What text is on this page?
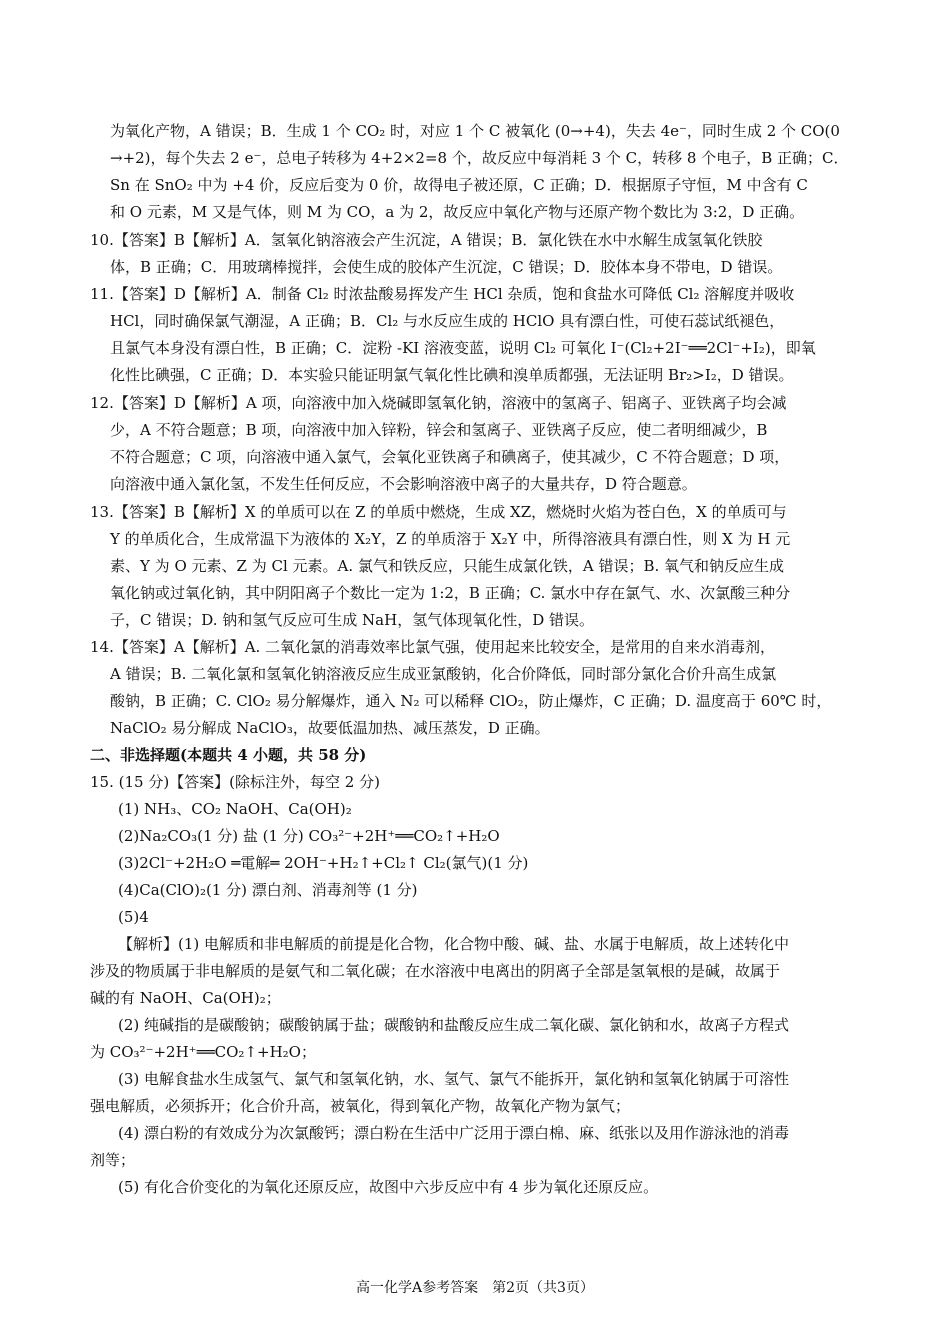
为氧化产物，A 错误；B．生成 1 个 CO₂ 时，对应 1 个 C 被氧化 (0→+4)，失去 4e⁻，同时生成 2 个 CO(0
→+2)，每个失去 2 e⁻，总电子转移为 4+2×2=8 个，故反应中每消耗 3 个 C，转移 8 个电子，B 正确；C．
Sn 在 SnO₂ 中为 +4 价，反应后变为 0 价，故得电子被还原，C 正确；D．根据原子守恒，M 中含有 C
和 O 元素，M 又是气体，则 M 为 CO，a 为 2，故反应中氧化产物与还原产物个数比为 3:2，D 正确。
10.【答案】B【解析】A．氢氧化钠溶液会产生沉淀，A 错误；B．氯化铁在水中水解生成氢氧化铁胶
体，B 正确；C．用玻璃棒搅拌，会使生成的胶体产生沉淀，C 错误；D．胶体本身不带电，D 错误。
11.【答案】D【解析】A．制备 Cl₂ 时浓盐酸易挥发产生 HCl 杂质，饱和食盐水可降低 Cl₂ 溶解度并吸收
HCl，同时确保氯气潮湿，A 正确；B．Cl₂ 与水反应生成的 HClO 具有漂白性，可使石蕊试纸褪色，
且氯气本身没有漂白性，B 正确；C．淀粉 -KI 溶液变蓝，说明 Cl₂ 可氧化 I⁻(Cl₂+2I⁻══2Cl⁻+I₂)，即氧
化性比碘强，C 正确；D．本实验只能证明氯气氧化性比碘和溴单质都强，无法证明 Br₂>I₂，D 错误。
12.【答案】D【解析】A 项，向溶液中加入烧碱即氢氧化钠，溶液中的氢离子、铝离子、亚铁离子均会减
少，A 不符合题意；B 项，向溶液中加入锌粉，锌会和氢离子、亚铁离子反应，使二者明细减少，B
不符合题意；C 项，向溶液中通入氯气，会氧化亚铁离子和碘离子，使其减少，C 不符合题意；D 项，
向溶液中通入氯化氢，不发生任何反应，不会影响溶液中离子的大量共存，D 符合题意。
13.【答案】B【解析】X 的单质可以在 Z 的单质中燃烧，生成 XZ，燃烧时火焰为苍白色，X 的单质可与
Y 的单质化合，生成常温下为液体的 X₂Y，Z 的单质溶于 X₂Y 中，所得溶液具有漂白性，则 X 为 H 元
素、Y 为 O 元素、Z 为 Cl 元素。A. 氯气和铁反应，只能生成氯化铁，A 错误；B. 氧气和钠反应生成
氧化钠或过氧化钠，其中阴阳离子个数比一定为 1:2，B 正确；C. 氯水中存在氯气、水、次氯酸三种分
子，C 错误；D. 钠和氢气反应可生成 NaH，氢气体现氧化性，D 错误。
14.【答案】A【解析】A. 二氧化氯的消毒效率比氯气强，使用起来比较安全，是常用的自来水消毒剂，
A 错误；B. 二氧化氯和氢氧化钠溶液反应生成亚氯酸钠，化合价降低，同时部分氯化合价升高生成氯
酸钠，B 正确；C. ClO₂ 易分解爆炸，通入 N₂ 可以稀释 ClO₂，防止爆炸，C 正确；D. 温度高于 60℃ 时，
NaClO₂ 易分解成 NaClO₃，故要低温加热、减压蒸发，D 正确。
二、非选择题(本题共 4 小题，共 58 分)
15. (15 分)【答案】(除标注外，每空 2 分)
(1) NH₃、CO₂ NaOH、Ca(OH)₂
(2)Na₂CO₃(1 分) 盐 (1 分) CO₃²⁻+2H⁺══CO₂↑+H₂O
(3)2Cl⁻+2H₂O ═電解═ 2OH⁻+H₂↑+Cl₂↑ Cl₂(氯气)(1 分)
(4)Ca(ClO)₂(1 分) 漂白剂、消毒剂等 (1 分)
(5)4
【解析】(1) 电解质和非电解质的前提是化合物，化合物中酸、碱、盐、水属于电解质，故上述转化中
涉及的物质属于非电解质的是氨气和二氧化碳；在水溶液中电离出的阴离子全部是氢氧根的是碱，故属于
碱的有 NaOH、Ca(OH)₂；
(2) 纯碱指的是碳酸钠；碳酸钠属于盐；碳酸钠和盐酸反应生成二氧化碳、氯化钠和水，故离子方程式
为 CO₃²⁻+2H⁺══CO₂↑+H₂O；
(3) 电解食盐水生成氢气、氯气和氢氧化钠，水、氢气、氯气不能拆开，氯化钠和氢氧化钠属于可溶性
强电解质，必须拆开；化合价升高，被氧化，得到氧化产物，故氧化产物为氯气；
(4) 漂白粉的有效成分为次氯酸钙；漂白粉在生活中广泛用于漂白棉、麻、纸张以及用作游泳池的消毒
剂等；
(5) 有化合价变化的为氧化还原反应，故图中六步反应中有 4 步为氧化还原反应。
高一化学A参考答案　第2页（共3页）
